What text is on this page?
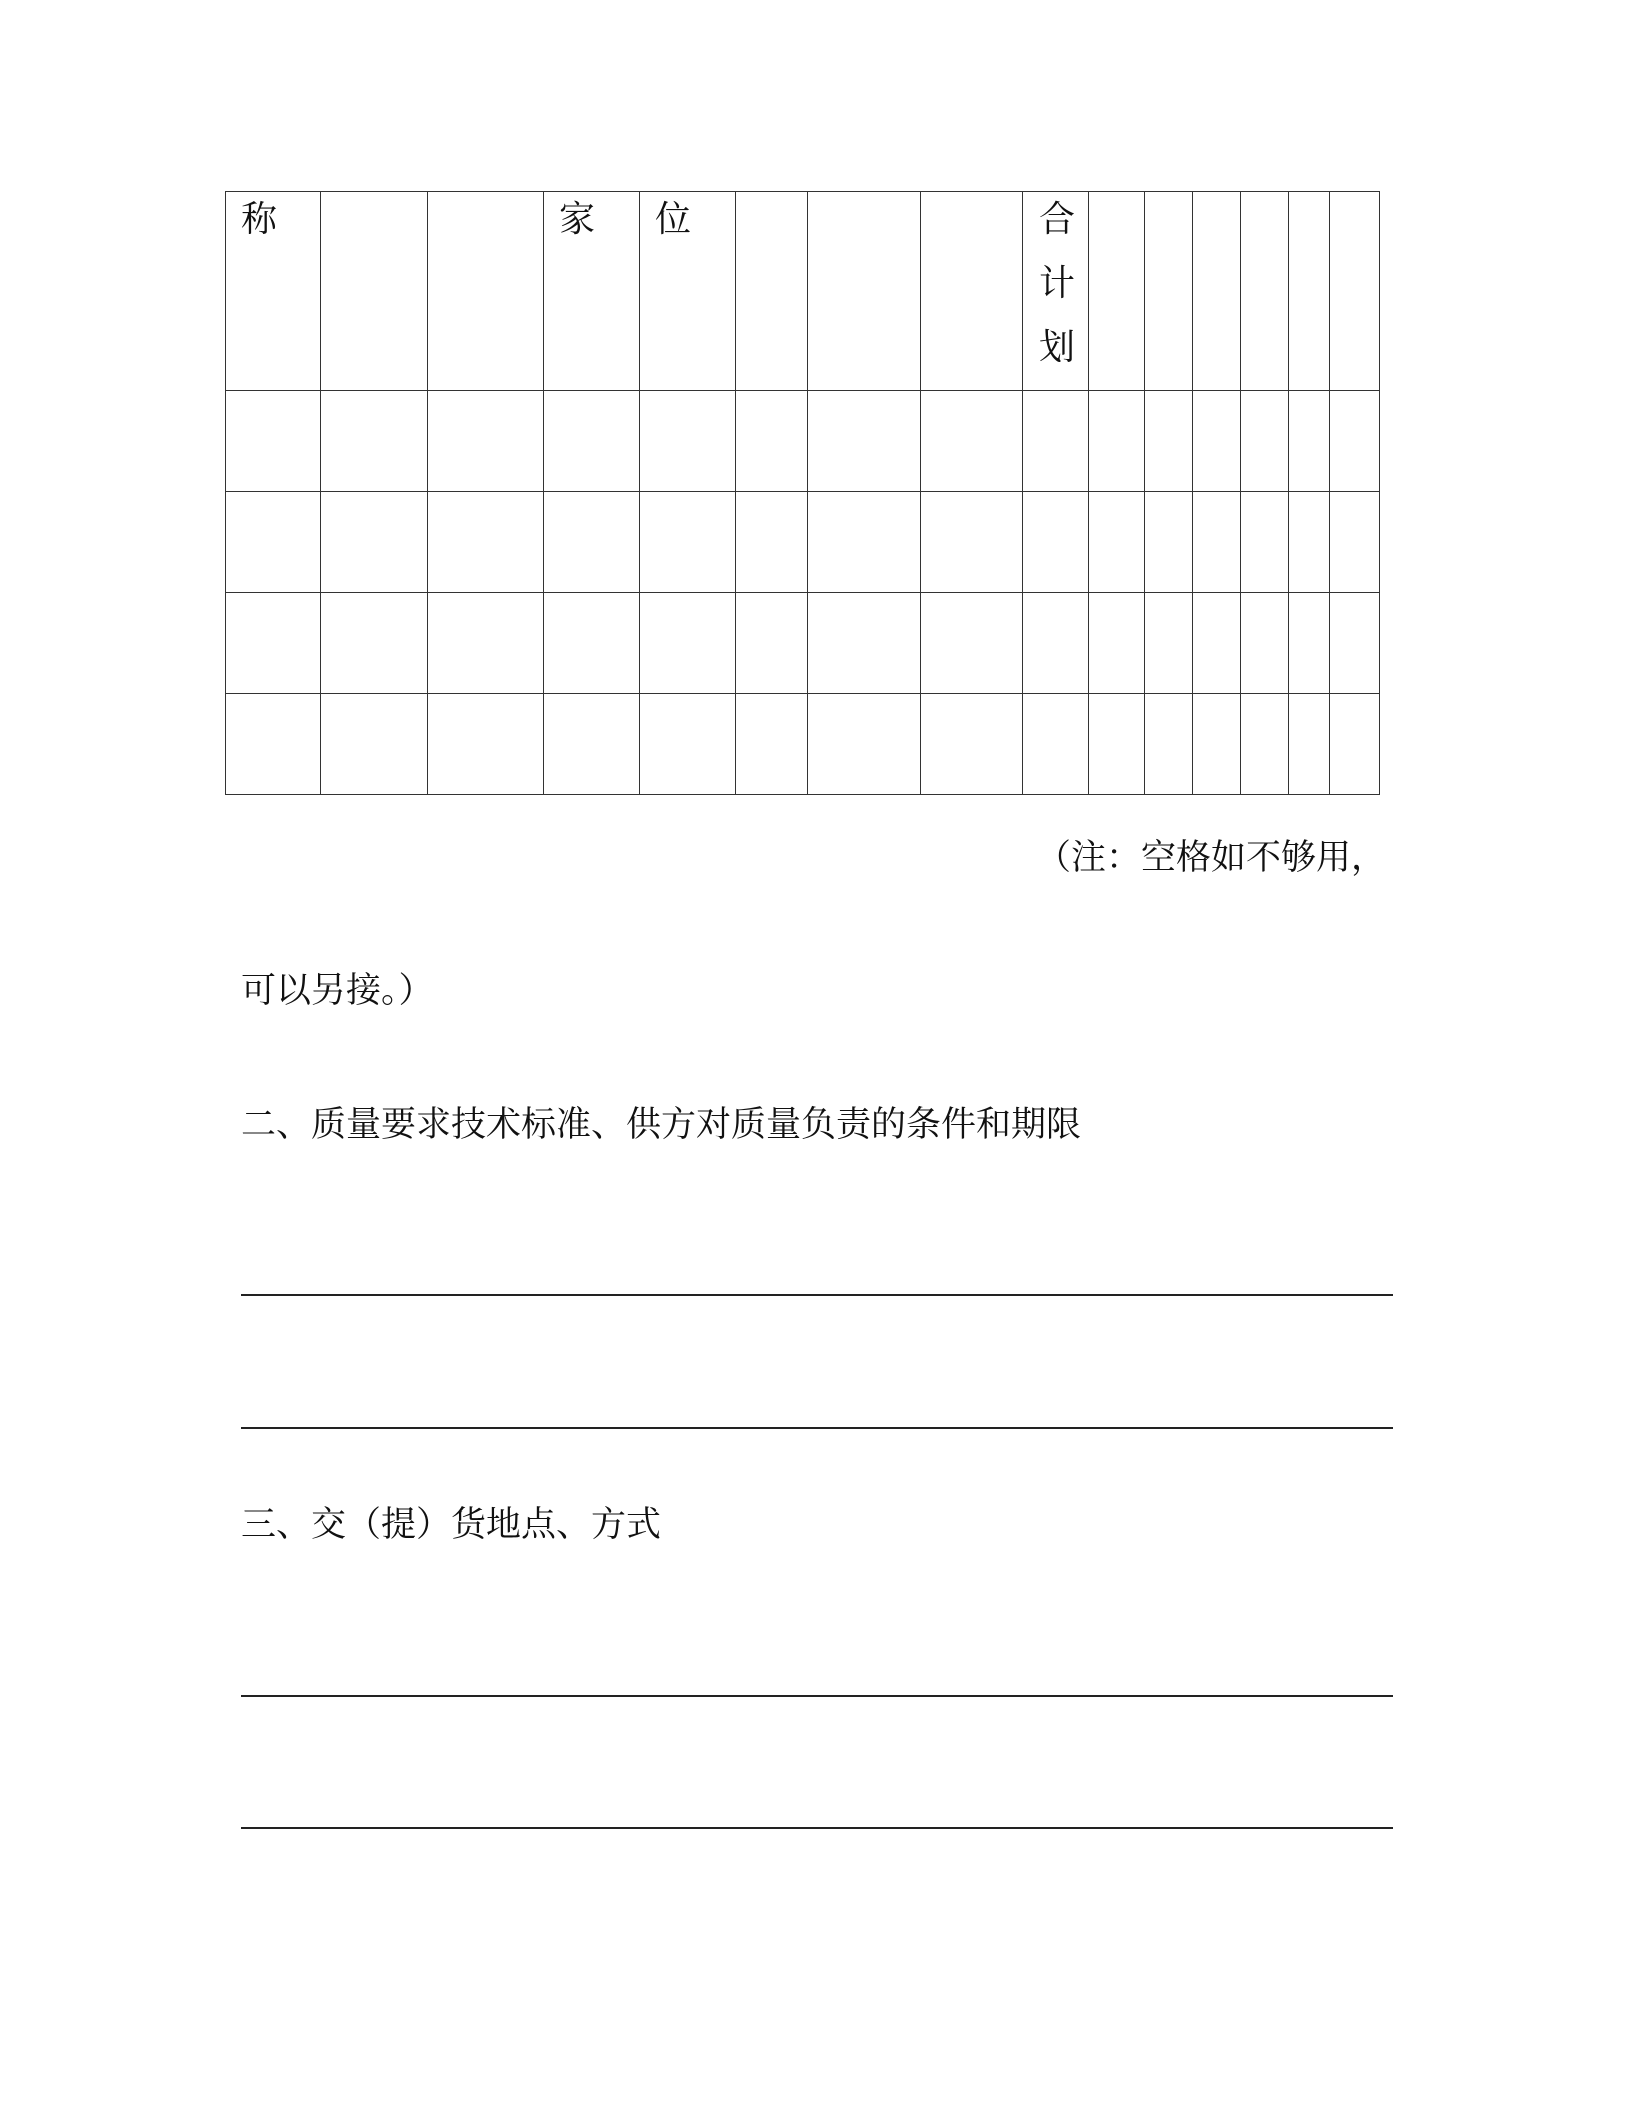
称			家	位				合计划						

（注：空格如不够用，
可以另接。）
二、质量要求技术标准、供方对质量负责的条件和期限
三、交（提）货地点、方式
